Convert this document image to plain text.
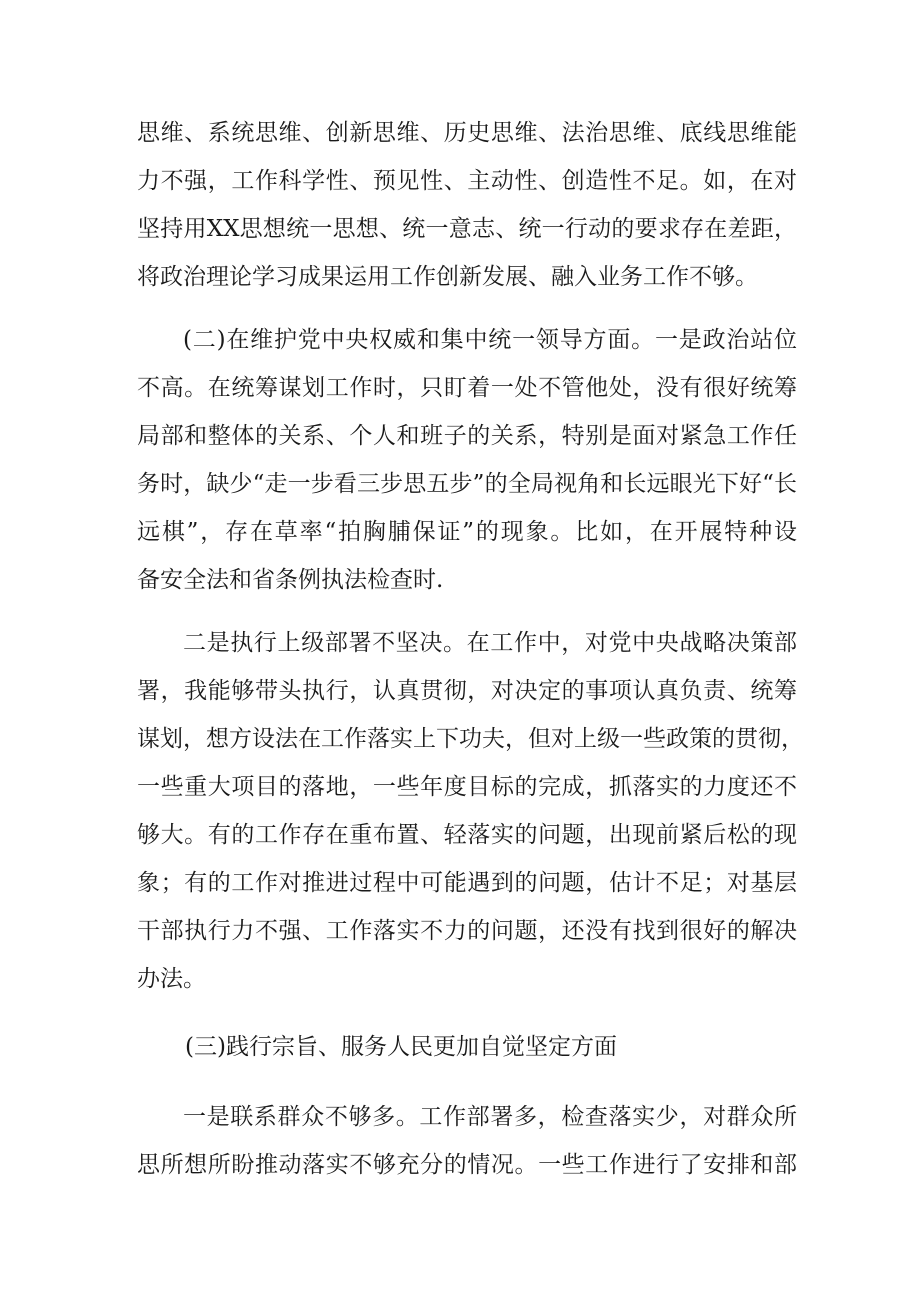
思维、系统思维、创新思维、历史思维、法治思维、底线思维能
力不强，工作科学性、预见性、主动性、创造性不足。如，在对
坚持用XX思想统一思想、统一意志、统一行动的要求存在差距，
将政治理论学习成果运用工作创新发展、融入业务工作不够。
(二)在维护党中央权威和集中统一领导方面。一是政治站位
不高。在统筹谋划工作时，只盯着一处不管他处，没有很好统筹
局部和整体的关系、个人和班子的关系，特别是面对紧急工作任
务时，缺少“走一步看三步思五步”的全局视角和长远眼光下好“长
远棋”，存在草率“拍胸脯保证”的现象。比如，在开展特种设
备安全法和省条例执法检查时.
二是执行上级部署不坚决。在工作中，对党中央战略决策部
署，我能够带头执行，认真贯彻，对决定的事项认真负责、统筹
谋划，想方设法在工作落实上下功夫，但对上级一些政策的贯彻，
一些重大项目的落地，一些年度目标的完成，抓落实的力度还不
够大。有的工作存在重布置、轻落实的问题，出现前紧后松的现
象；有的工作对推进过程中可能遇到的问题，估计不足；对基层
干部执行力不强、工作落实不力的问题，还没有找到很好的解决
办法。
(三)践行宗旨、服务人民更加自觉坚定方面
一是联系群众不够多。工作部署多，检查落实少，对群众所
思所想所盼推动落实不够充分的情况。一些工作进行了安排和部
